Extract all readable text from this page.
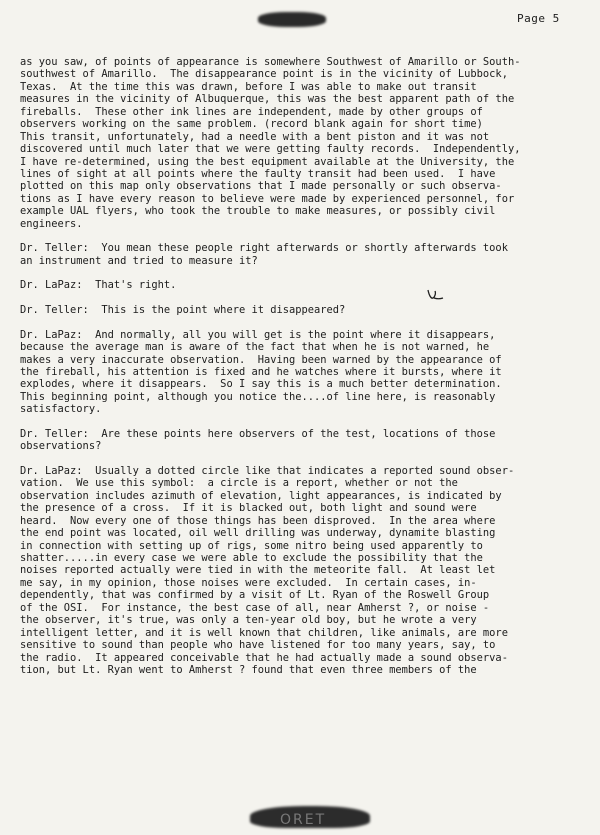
Page 5
as you saw, of points of appearance is somewhere Southwest of Amarillo or South-
southwest of Amarillo.  The disappearance point is in the vicinity of Lubbock,
Texas.  At the time this was drawn, before I was able to make out transit
measures in the vicinity of Albuquerque, this was the best apparent path of the
fireballs.  These other ink lines are independent, made by other groups of
observers working on the same problem. (record blank again for short time)
This transit, unfortunately, had a needle with a bent piston and it was not
discovered until much later that we were getting faulty records.  Independently,
I have re-determined, using the best equipment available at the University, the
lines of sight at all points where the faulty transit had been used.  I have
plotted on this map only observations that I made personally or such observa-
tions as I have every reason to believe were made by experienced personnel, for
example UAL flyers, who took the trouble to make measures, or possibly civil
engineers.
Dr. Teller:  You mean these people right afterwards or shortly afterwards took
an instrument and tried to measure it?
Dr. LaPaz:  That's right.
Dr. Teller:  This is the point where it disappeared?
Dr. LaPaz:  And normally, all you will get is the point where it disappears,
because the average man is aware of the fact that when he is not warned, he
makes a very inaccurate observation.  Having been warned by the appearance of
the fireball, his attention is fixed and he watches where it bursts, where it
explodes, where it disappears.  So I say this is a much better determination.
This beginning point, although you notice the....of line here, is reasonably
satisfactory.
Dr. Teller:  Are these points here observers of the test, locations of those
observations?
Dr. LaPaz:  Usually a dotted circle like that indicates a reported sound obser-
vation.  We use this symbol:  a circle is a report, whether or not the
observation includes azimuth of elevation, light appearances, is indicated by
the presence of a cross.  If it is blacked out, both light and sound were
heard.  Now every one of those things has been disproved.  In the area where
the end point was located, oil well drilling was underway, dynamite blasting
in connection with setting up of rigs, some nitro being used apparently to
shatter.....in every case we were able to exclude the possibility that the
noises reported actually were tied in with the meteorite fall.  At least let
me say, in my opinion, those noises were excluded.  In certain cases, in-
dependently, that was confirmed by a visit of Lt. Ryan of the Roswell Group
of the OSI.  For instance, the best case of all, near Amherst ?, or noise -
the observer, it's true, was only a ten-year old boy, but he wrote a very
intelligent letter, and it is well known that children, like animals, are more
sensitive to sound than people who have listened for too many years, say, to
the radio.  It appeared conceivable that he had actually made a sound observa-
tion, but Lt. Ryan went to Amherst ? found that even three members of the
ORET
